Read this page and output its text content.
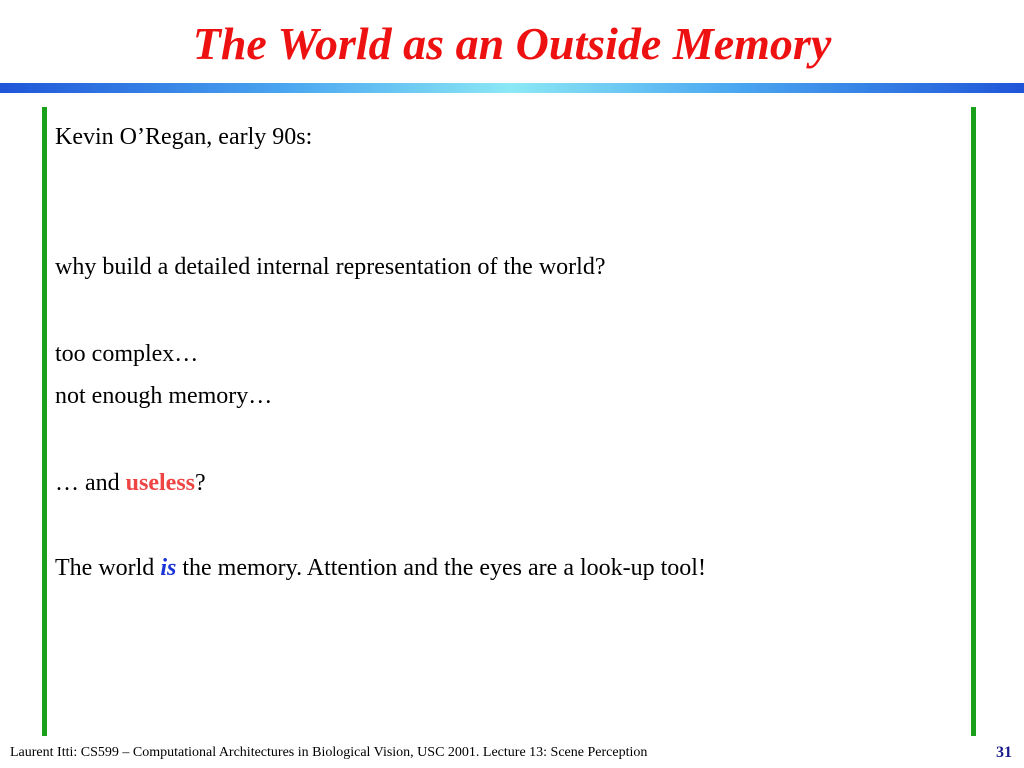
The World as an Outside Memory
Kevin O’Regan, early 90s:
why build a detailed internal representation of the world?
too complex…
not enough memory…
… and useless?
The world is the memory. Attention and the eyes are a look-up tool!
Laurent Itti: CS599 – Computational Architectures in Biological Vision, USC 2001. Lecture 13: Scene Perception	31
